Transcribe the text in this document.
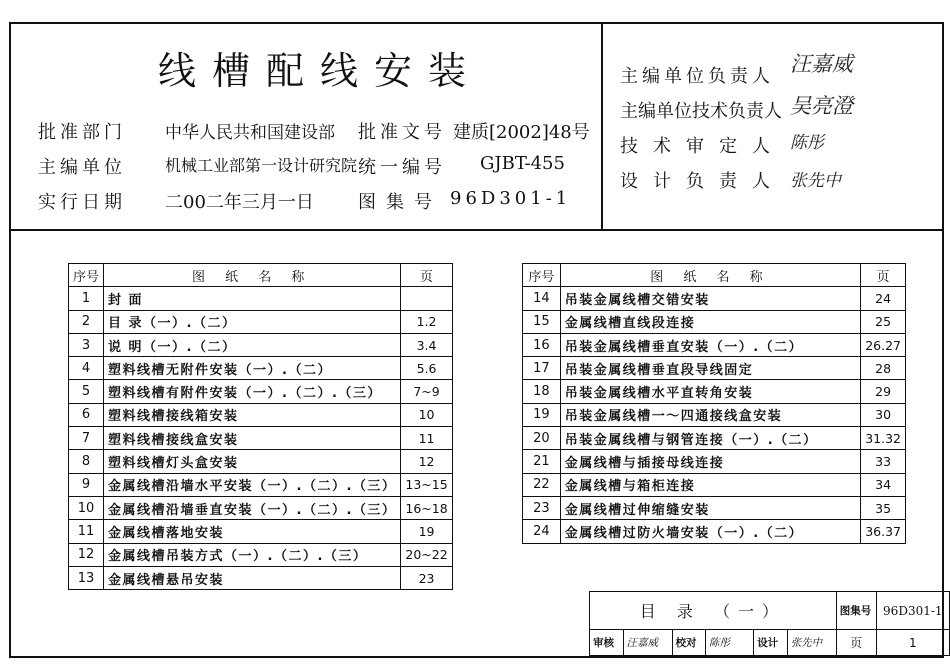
线槽配线安装
批准部门 中华人民共和国建设部 批准文号 建质[2002]48号
主编单位 机械工业部第一设计研究院 统一编号 GJBT-455
实行日期 二00二年三月一日 图集号 96D301-1
主编单位负责人
汪嘉威
主编单位技术负责人 吴亮澄
技术审定人 陈彤
设计负责人 张先中
序号	图 纸 名 称	页
1	封 面	
2	目 录（一）.（二）	1.2
3	说 明（一）.（二）	3.4
4	塑料线槽无附件安装（一）.（二）	5.6
5	塑料线槽有附件安装（一）.（二）.（三）	7~9
6	塑料线槽接线箱安装	10
7	塑料线槽接线盒安装	11
8	塑料线槽灯头盒安装	12
9	金属线槽沿墙水平安装（一）.（二）.（三）	13~15
10	金属线槽沿墙垂直安装（一）.（二）.（三）	16~18
11	金属线槽落地安装	19
12	金属线槽吊装方式（一）.（二）.（三）	20~22
13	金属线槽悬吊安装	23
序号	图 纸 名 称	页
14	吊装金属线槽交错安装	24
15	金属线槽直线段连接	25
16	吊装金属线槽垂直安装（一）.（二）	26.27
17	吊装金属线槽垂直段导线固定	28
18	吊装金属线槽水平直转角安装	29
19	吊装金属线槽一～四通接线盒安装	30
20	吊装金属线槽与钢管连接（一）.（二）	31.32
21	金属线槽与插接母线连接	33
22	金属线槽与箱柜连接	34
23	金属线槽过伸缩缝安装	35
24	金属线槽过防火墙安装（一）.（二）	36.37
目 录 （一）						图集号	96D301-1
审核	汪嘉威	校对	陈彤	设计	张先中	页	1
